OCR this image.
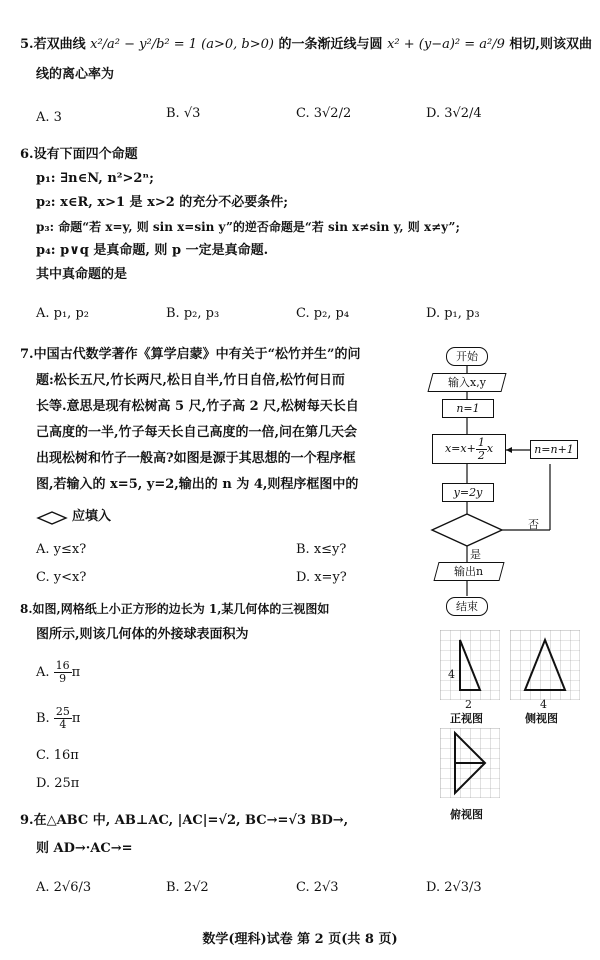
5.若双曲线 x²/a² − y²/b² = 1 (a>0, b>0) 的一条渐近线与圆 x² + (y−a)² = a²/9 相切,则该双曲
线的离心率为
A. 3	B. √3	C. 3√2/2	D. 3√2/4
6.设有下面四个命题
p₁: ∃n∈N, n²>2ⁿ;
p₂: x∈R, x>1 是 x>2 的充分不必要条件;
p₃: 命题“若 x=y, 则 sin x=sin y”的逆否命题是“若 sin x≠sin y, 则 x≠y”;
p₄: p∨q 是真命题, 则 p 一定是真命题.
其中真命题的是
A. p₁, p₂	B. p₂, p₃	C. p₂, p₄	D. p₁, p₃
7.中国古代数学著作《算学启蒙》中有关于“松竹并生”的问
题:松长五尺,竹长两尺,松日自半,竹日自倍,松竹何日而
长等.意思是现有松树高 5 尺,竹子高 2 尺,松树每天长自
己高度的一半,竹子每天长自己高度的一倍,问在第几天会
出现松树和竹子一般高?如图是源于其思想的一个程序框
图,若输入的 x=5, y=2,输出的 n 为 4,则程序框图中的
应填入
A. y≤x?	B. x≤y?
C. y<x?	D. x=y?
开始
输入x,y
n=1
$x=x+ \frac{1}{2}$ x	n=n+1
y=2y
否
是
输出n
结束
8.如图,网格纸上小正方形的边长为 1,某几何体的三视图如
图所示,则该几何体的外接球表面积为
A. $\frac{16}{9}$ π
B. $\frac{25}{4}$ π
C. 16π
D. 25π
4
2
正视图
4
侧视图
俯视图
9.在△ABC 中, AB⊥AC, |AC|=√2, BC→=√3 BD→,
则 AD→·AC→=
A. 2√6/3	B. 2√2	C. 2√3	D. 2√3/3
数学(理科)试卷 第 2 页(共 8 页)
